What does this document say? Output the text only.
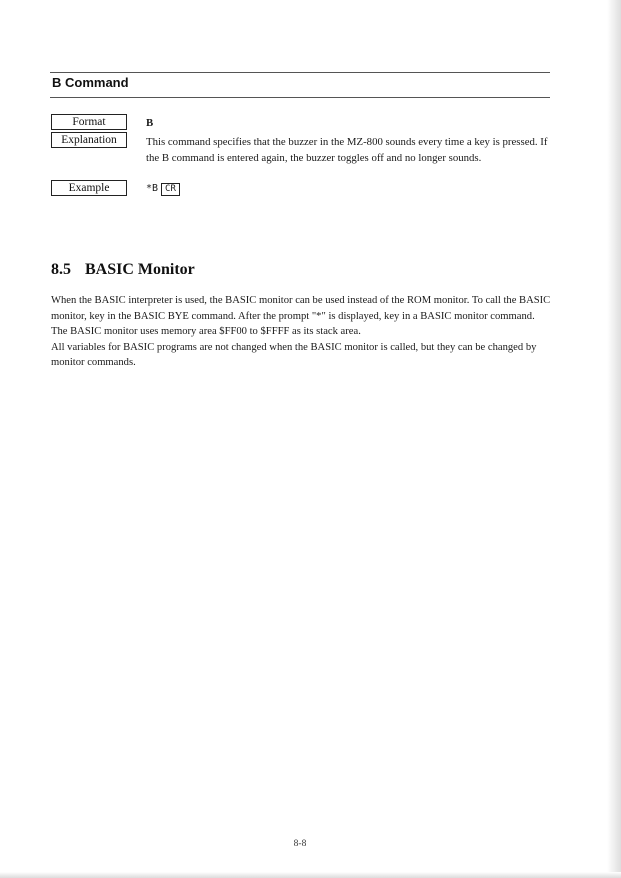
B Command
Format	B
Explanation	This command specifies that the buzzer in the MZ-800 sounds every time a key is pressed. If the B command is entered again, the buzzer toggles off and no longer sounds.
Example	*B CR
8.5 BASIC Monitor

When the BASIC interpreter is used, the BASIC monitor can be used instead of the ROM monitor. To call the BASIC monitor, key in the BASIC BYE command. After the prompt "*" is displayed, key in a BASIC monitor command.

The BASIC monitor uses memory area $FF00 to $FFFF as its stack area.

All variables for BASIC programs are not changed when the BASIC monitor is called, but they can be changed by monitor commands.

8-8
